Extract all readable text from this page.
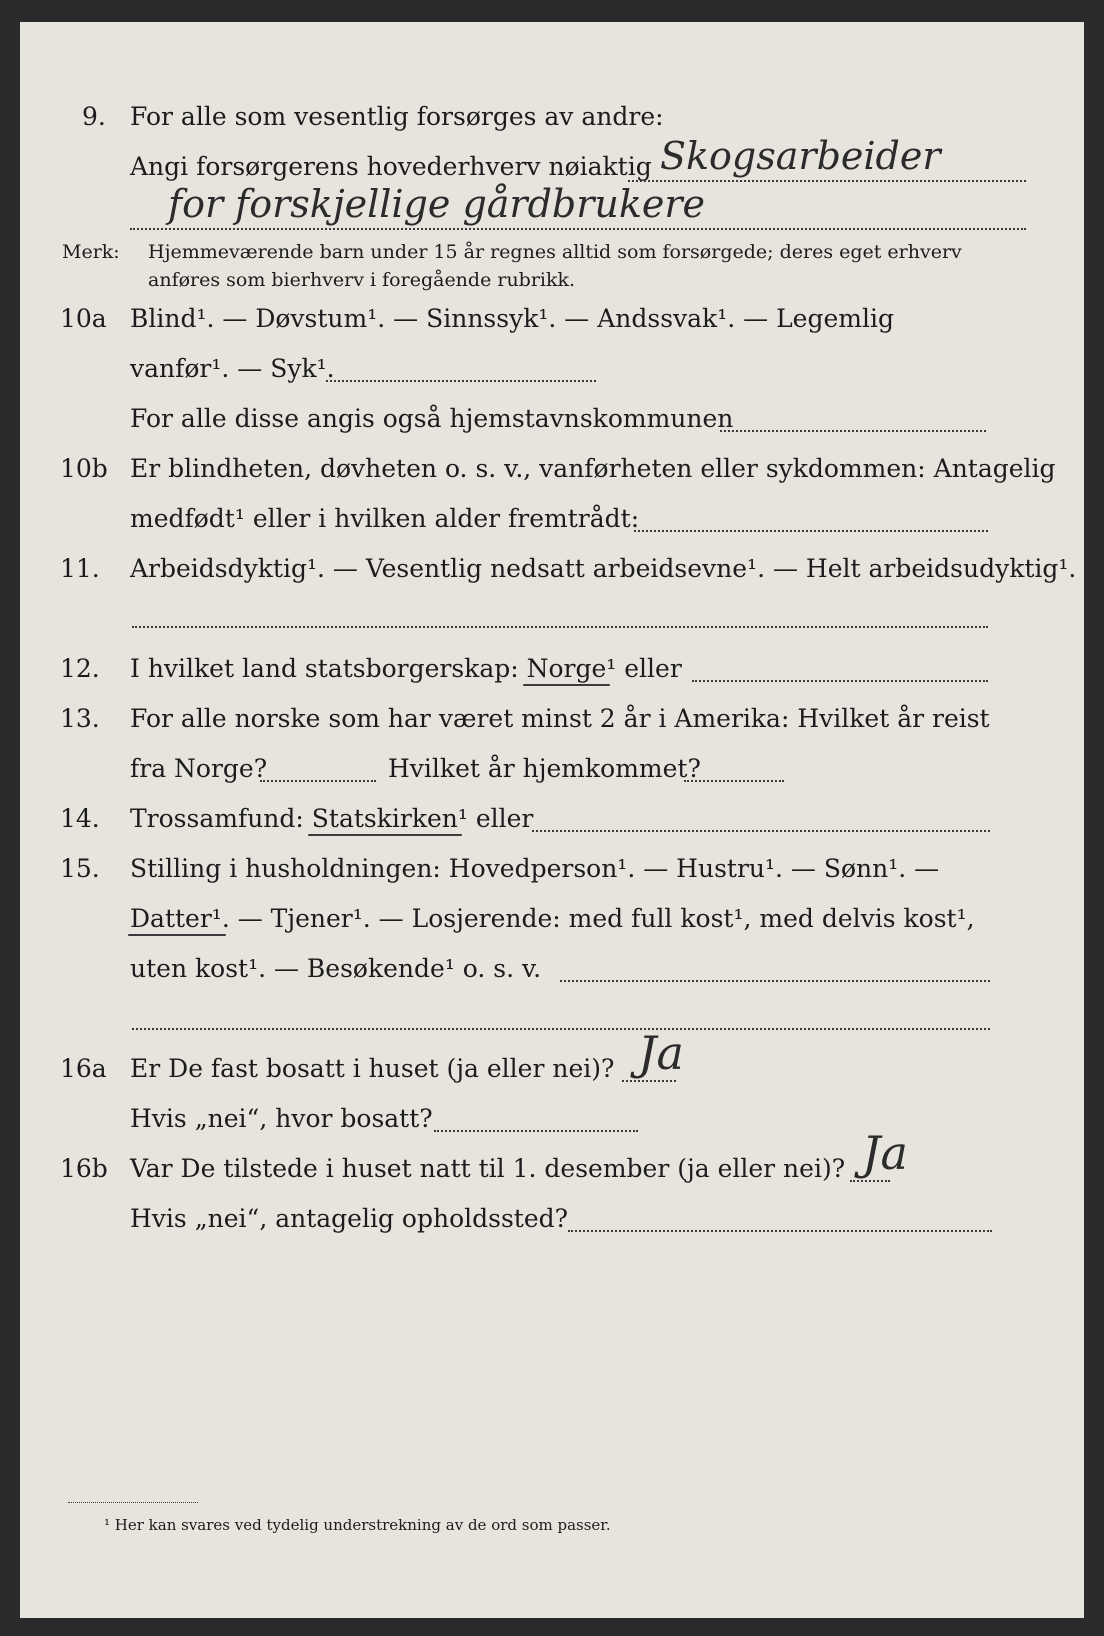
9. For alle som vesentlig forsørges av andre:
Angi forsørgerens hovederhverv nøiaktig Skogsarbeider
for forskjellige gårdbrukere
Merk: Hjemmeværende barn under 15 år regnes alltid som forsørgede; deres eget erhverv
anføres som bierhverv i foregående rubrikk.
10a Blind¹. — Døvstum¹. — Sinnssyk¹. — Andssvak¹. — Legemlig
vanfør¹. — Syk¹.
For alle disse angis også hjemstavnskommunen
10b Er blindheten, døvheten o. s. v., vanførheten eller sykdommen: Antagelig
medfødt¹ eller i hvilken alder fremtrådt:
11. Arbeidsdyktig¹. — Vesentlig nedsatt arbeidsevne¹. — Helt arbeidsudyktig¹.
12. I hvilket land statsborgerskap: Norge
¹ eller
13. For alle norske som har været minst 2 år i Amerika: Hvilket år reist
fra Norge?	Hvilket år hjemkommet?
14. Trossamfund: Statskirken
¹ eller
15. Stilling i husholdningen: Hovedperson¹. — Hustru¹. — Sønn¹. —
Datter
¹. — Tjener¹. — Losjerende: med full kost¹, med delvis kost¹,
uten kost¹. — Besøkende¹ o. s. v.
16a Er De fast bosatt i huset (ja eller nei)? Ja
Hvis „nei“, hvor bosatt?
16b Var De tilstede i huset natt til 1. desember (ja eller nei)? Ja
Hvis „nei“, antagelig opholdssted?
¹ Her kan svares ved tydelig understrekning av de ord som passer.
